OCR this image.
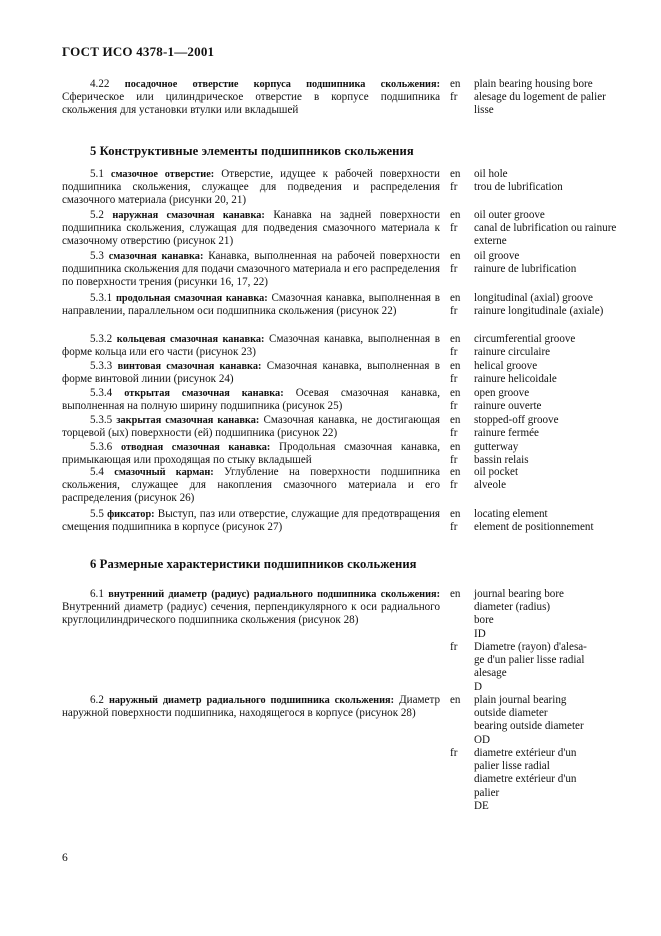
ГОСТ ИСО 4378-1—2001
4.22 посадочное отверстие корпуса подшипника скольжения: Сферическое или цилиндрическое отверстие в корпусе подшипника скольжения для установки втулки или вкладышей
en	plain bearing housing bore
fr	alesage du logement de palier lisse
5 Конструктивные элементы подшипников скольжения
5.1 смазочное отверстие: Отверстие, идущее к рабочей поверхности подшипника скольжения, служащее для подведения и распределения смазочного материала (рисунки 20, 21)
en	oil hole
fr	trou de lubrification
5.2 наружная смазочная канавка: Канавка на задней поверхности подшипника скольжения, служащая для подведения смазочного материала к смазочному отверстию (рисунок 21)
en	oil outer groove
fr	canal de lubrification ou rainure externe
5.3 смазочная канавка: Канавка, выполненная на рабочей поверхности подшипника скольжения для подачи смазочного материала и его распределения по поверхности трения (рисунки 16, 17, 22)
en	oil groove
fr	rainure de lubrification
5.3.1 продольная смазочная канавка: Смазочная канавка, выполненная в направлении, параллельном оси подшипника скольжения (рисунок 22)
en	longitudinal (axial) groove
fr	rainure longitudinale (axiale)
5.3.2 кольцевая смазочная канавка: Смазочная канавка, выполненная в форме кольца или его части (рисунок 23)
en	circumferential groove
fr	rainure circulaire
5.3.3 винтовая смазочная канавка: Смазочная канавка, выполненная в форме винтовой линии (рисунок 24)
en	helical groove
fr	rainure helicoidale
5.3.4 открытая смазочная канавка: Осевая смазочная канавка, выполненная на полную ширину подшипника (рисунок 25)
en	open groove
fr	rainure ouverte
5.3.5 закрытая смазочная канавка: Смазочная канавка, не достигающая торцевой (ых) поверхности (ей) подшипника (рисунок 22)
en	stopped-off groove
fr	rainure fermée
5.3.6 отводная смазочная канавка: Продольная смазочная канавка, примыкающая или проходящая по стыку вкладышей
en	gutterway
fr	bassin relais
5.4 смазочный карман: Углубление на поверхности подшипника скольжения, служащее для накопления смазочного материала и его распределения (рисунок 26)
en	oil pocket
fr	alveole
5.5 фиксатор: Выступ, паз или отверстие, служащие для предотвращения смещения подшипника в корпусе (рисунок 27)
en	locating element
fr	element de positionnement
6 Размерные характеристики подшипников скольжения
6.1 внутренний диаметр (радиус) радиального подшипника скольжения: Внутренний диаметр (радиус) сечения, перпендикулярного к оси радиального круглоцилиндрического подшипника скольжения (рисунок 28)
en	journal bearing bore
diameter (radius)
bore
ID
fr	Diametre (rayon) d'alesa-
ge d'un palier lisse radial
alesage
D
6.2 наружный диаметр радиального подшипника скольжения: Диаметр наружной поверхности подшипника, находящегося в корпусе (рисунок 28)
en	plain journal bearing
outside diameter
bearing outside diameter
OD
fr	diametre extérieur d'un
palier lisse radial
diametre extérieur d'un
palier
DE
6
